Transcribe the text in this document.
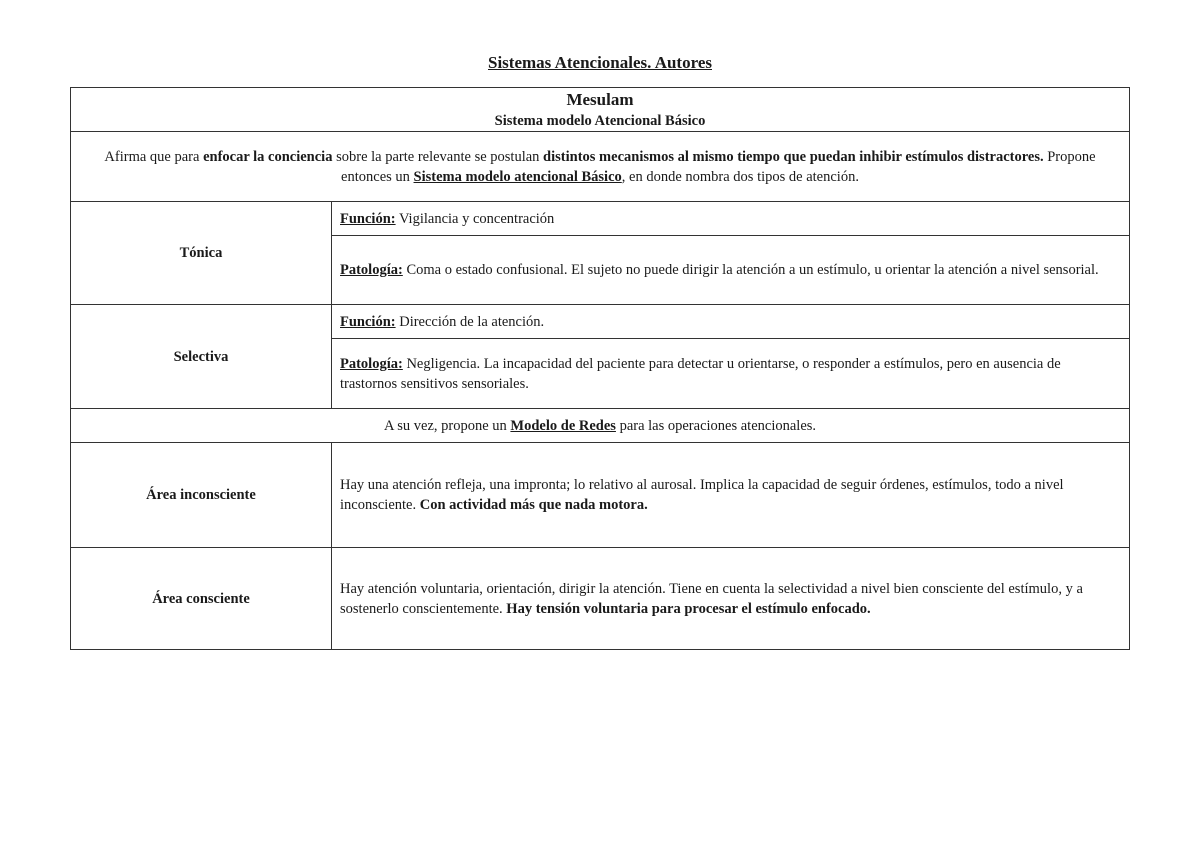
Sistemas Atencionales. Autores
Mesulam
Sistema modelo Atencional Básico	

Afirma que para enfocar la conciencia sobre la parte relevante se postulan distintos mecanismos al mismo tiempo que puedan inhibir estímulos distractores. Propone entonces un Sistema modelo atencional Básico, en donde nombra dos tipos de atención.	
Tónica	Función: Vigilancia y concentración
	Patología: Coma o estado confusional. El sujeto no puede dirigir la atención a un estímulo, u orientar la atención a nivel sensorial.
Selectiva	Función: Dirección de la atención.
	Patología: Negligencia. La incapacidad del paciente para detectar u orientarse, o responder a estímulos, pero en ausencia de trastornos sensitivos sensoriales.
A su vez, propone un Modelo de Redes para las operaciones atencionales.	
Área inconsciente	Hay una atención refleja, una impronta; lo relativo al aurosal. Implica la capacidad de seguir órdenes, estímulos, todo a nivel inconsciente. Con actividad más que nada motora.
Área consciente	Hay atención voluntaria, orientación, dirigir la atención. Tiene en cuenta la selectividad a nivel bien consciente del estímulo, y a sostenerlo conscientemente. Hay tensión voluntaria para procesar el estímulo enfocado.
